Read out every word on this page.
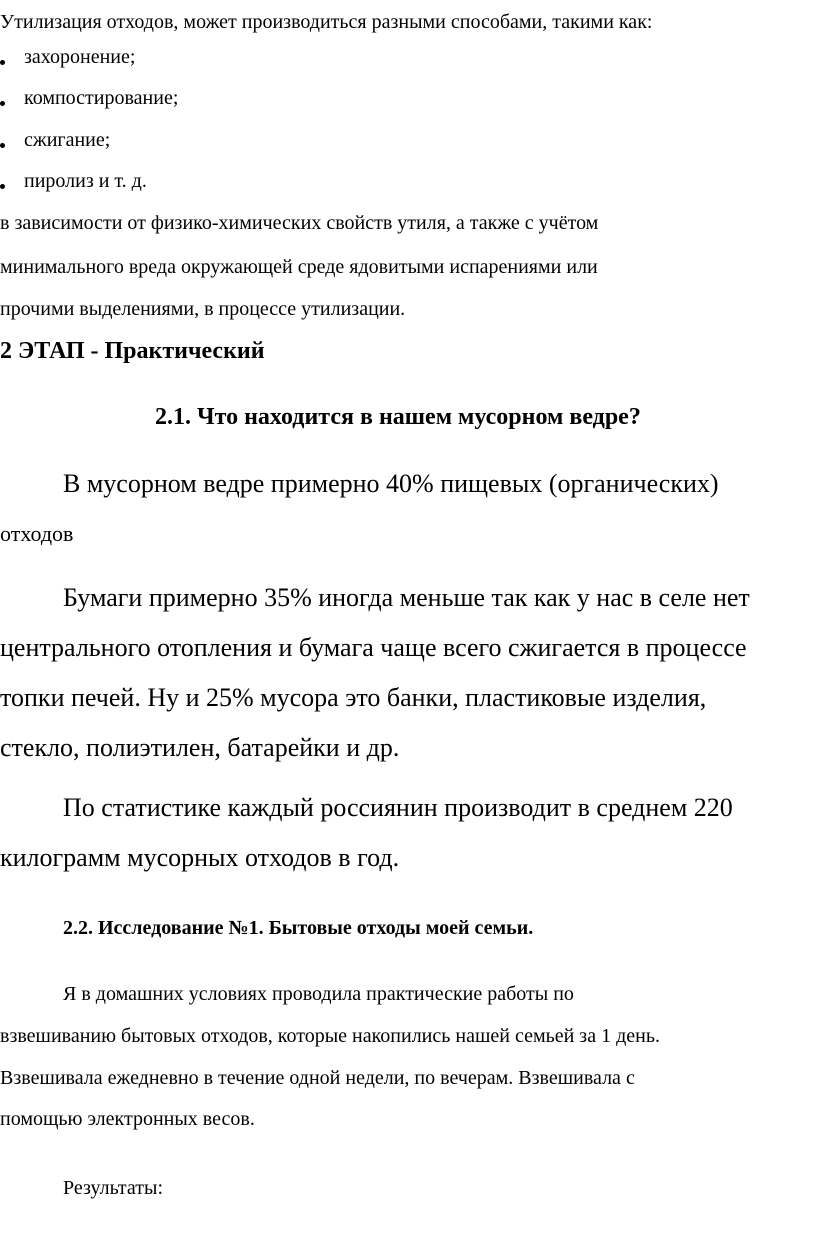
Утилизация отходов, может производиться разными способами, такими как:

захоронение;

компостирование;

сжигание;

пиролиз и т. д.

в зависимости от физико-химических свойств утиля, а также с учётом

минимального вреда окружающей среде ядовитыми испарениями или

прочими выделениями, в процессе утилизации.

2 ЭТАП - Практический
2.1. Что находится в нашем мусорном ведре?

В мусорном ведре примерно 40% пищевых (органических)

отходов

Бумаги примерно 35% иногда меньше так как у нас в селе нет

центрального отопления и бумага чаще всего сжигается в процессе

топки печей. Ну и 25% мусора это банки, пластиковые изделия,

стекло, полиэтилен, батарейки и др.

По статистике каждый россиянин производит в среднем 220

килограмм мусорных отходов в год.

2.2. Исследование №1. Бытовые отходы моей семьи.

Я в домашних условиях проводила практические работы по

взвешиванию бытовых отходов, которые накопились нашей семьей за 1 день.

Взвешивала ежедневно в течение одной недели, по вечерам. Взвешивала с

помощью электронных весов.

Результаты:
